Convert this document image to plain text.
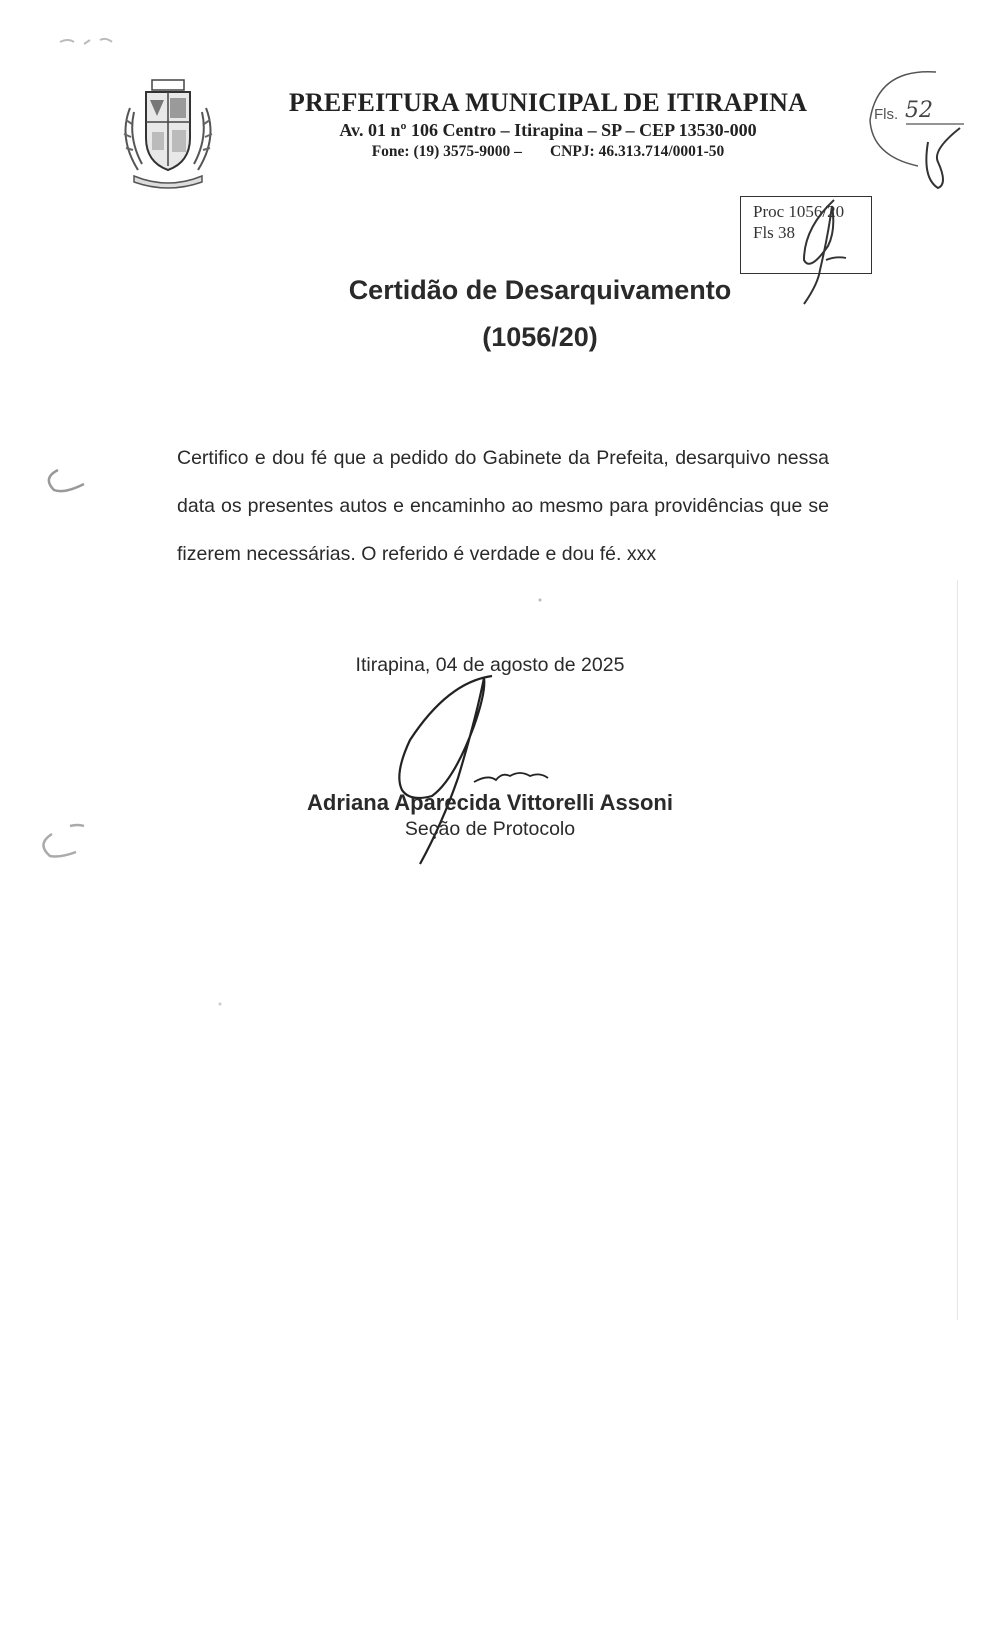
PREFEITURA MUNICIPAL DE ITIRAPINA
Av. 01 nº 106 Centro – Itirapina – SP – CEP 13530-000
Fone: (19) 3575-9000 – CNPJ: 46.313.714/0001-50
Fls. 52
Proc 1056/20
Fls 38
Certidão de Desarquivamento
(1056/20)
Certifico e dou fé que a pedido do Gabinete da Prefeita, desarquivo nessa data os presentes autos e encaminho ao mesmo para providências que se fizerem necessárias. O referido é verdade e dou fé. xxx
Itirapina, 04 de agosto de 2025
Adriana Aparecida Vittorelli Assoni
Seção de Protocolo
